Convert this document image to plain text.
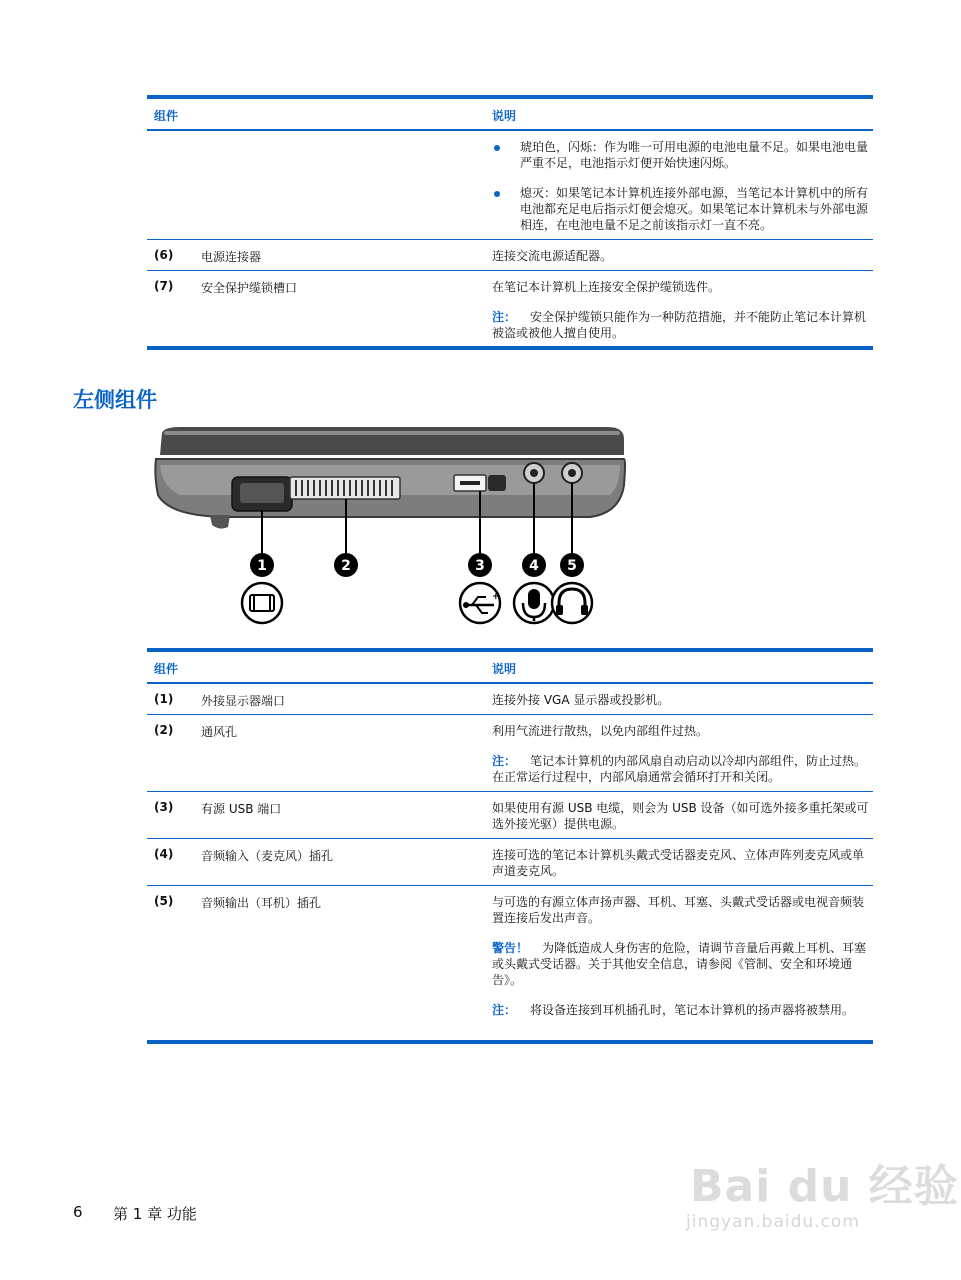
组件	说明
琥珀色，闪烁：作为唯一可用电源的电池电量不足。如果电池电量严重不足，电池指示灯便开始快速闪烁。
熄灭：如果笔记本计算机连接外部电源，当笔记本计算机中的所有电池都充足电后指示灯便会熄灭。如果笔记本计算机未与外部电源相连，在电池电量不足之前该指示灯一直不亮。
(6) 电源连接器	连接交流电源适配器。
(7) 安全保护缆锁槽口	在笔记本计算机上连接安全保护缆锁选件。
注： 安全保护缆锁只能作为一种防范措施，并不能防止笔记本计算机被盗或被他人擅自使用。
左侧组件
1	2	3	4 5
+
组件	说明
(1) 外接显示器端口	连接外接 VGA 显示器或投影机。
(2) 通风孔	利用气流进行散热，以免内部组件过热。
注： 笔记本计算机的内部风扇自动启动以冷却内部组件，防止过热。在正常运行过程中，内部风扇通常会循环打开和关闭。
(3) 有源 USB 端口	如果使用有源 USB 电缆，则会为 USB 设备（如可选外接多重托架或可选外接光驱）提供电源。
(4) 音频输入（麦克风）插孔	连接可选的笔记本计算机头戴式受话器麦克风、立体声阵列麦克风或单声道麦克风。
(5) 音频输出（耳机）插孔	与可选的有源立体声扬声器、耳机、耳塞、头戴式受话器或电视音频装置连接后发出声音。
警告！ 为降低造成人身伤害的危险，请调节音量后再戴上耳机、耳塞或头戴式受话器。关于其他安全信息，请参阅《管制、安全和环境通告》。
注： 将设备连接到耳机插孔时，笔记本计算机的扬声器将被禁用。
6 第 1 章 功能
Bai du 经验
jingyan.baidu.com
